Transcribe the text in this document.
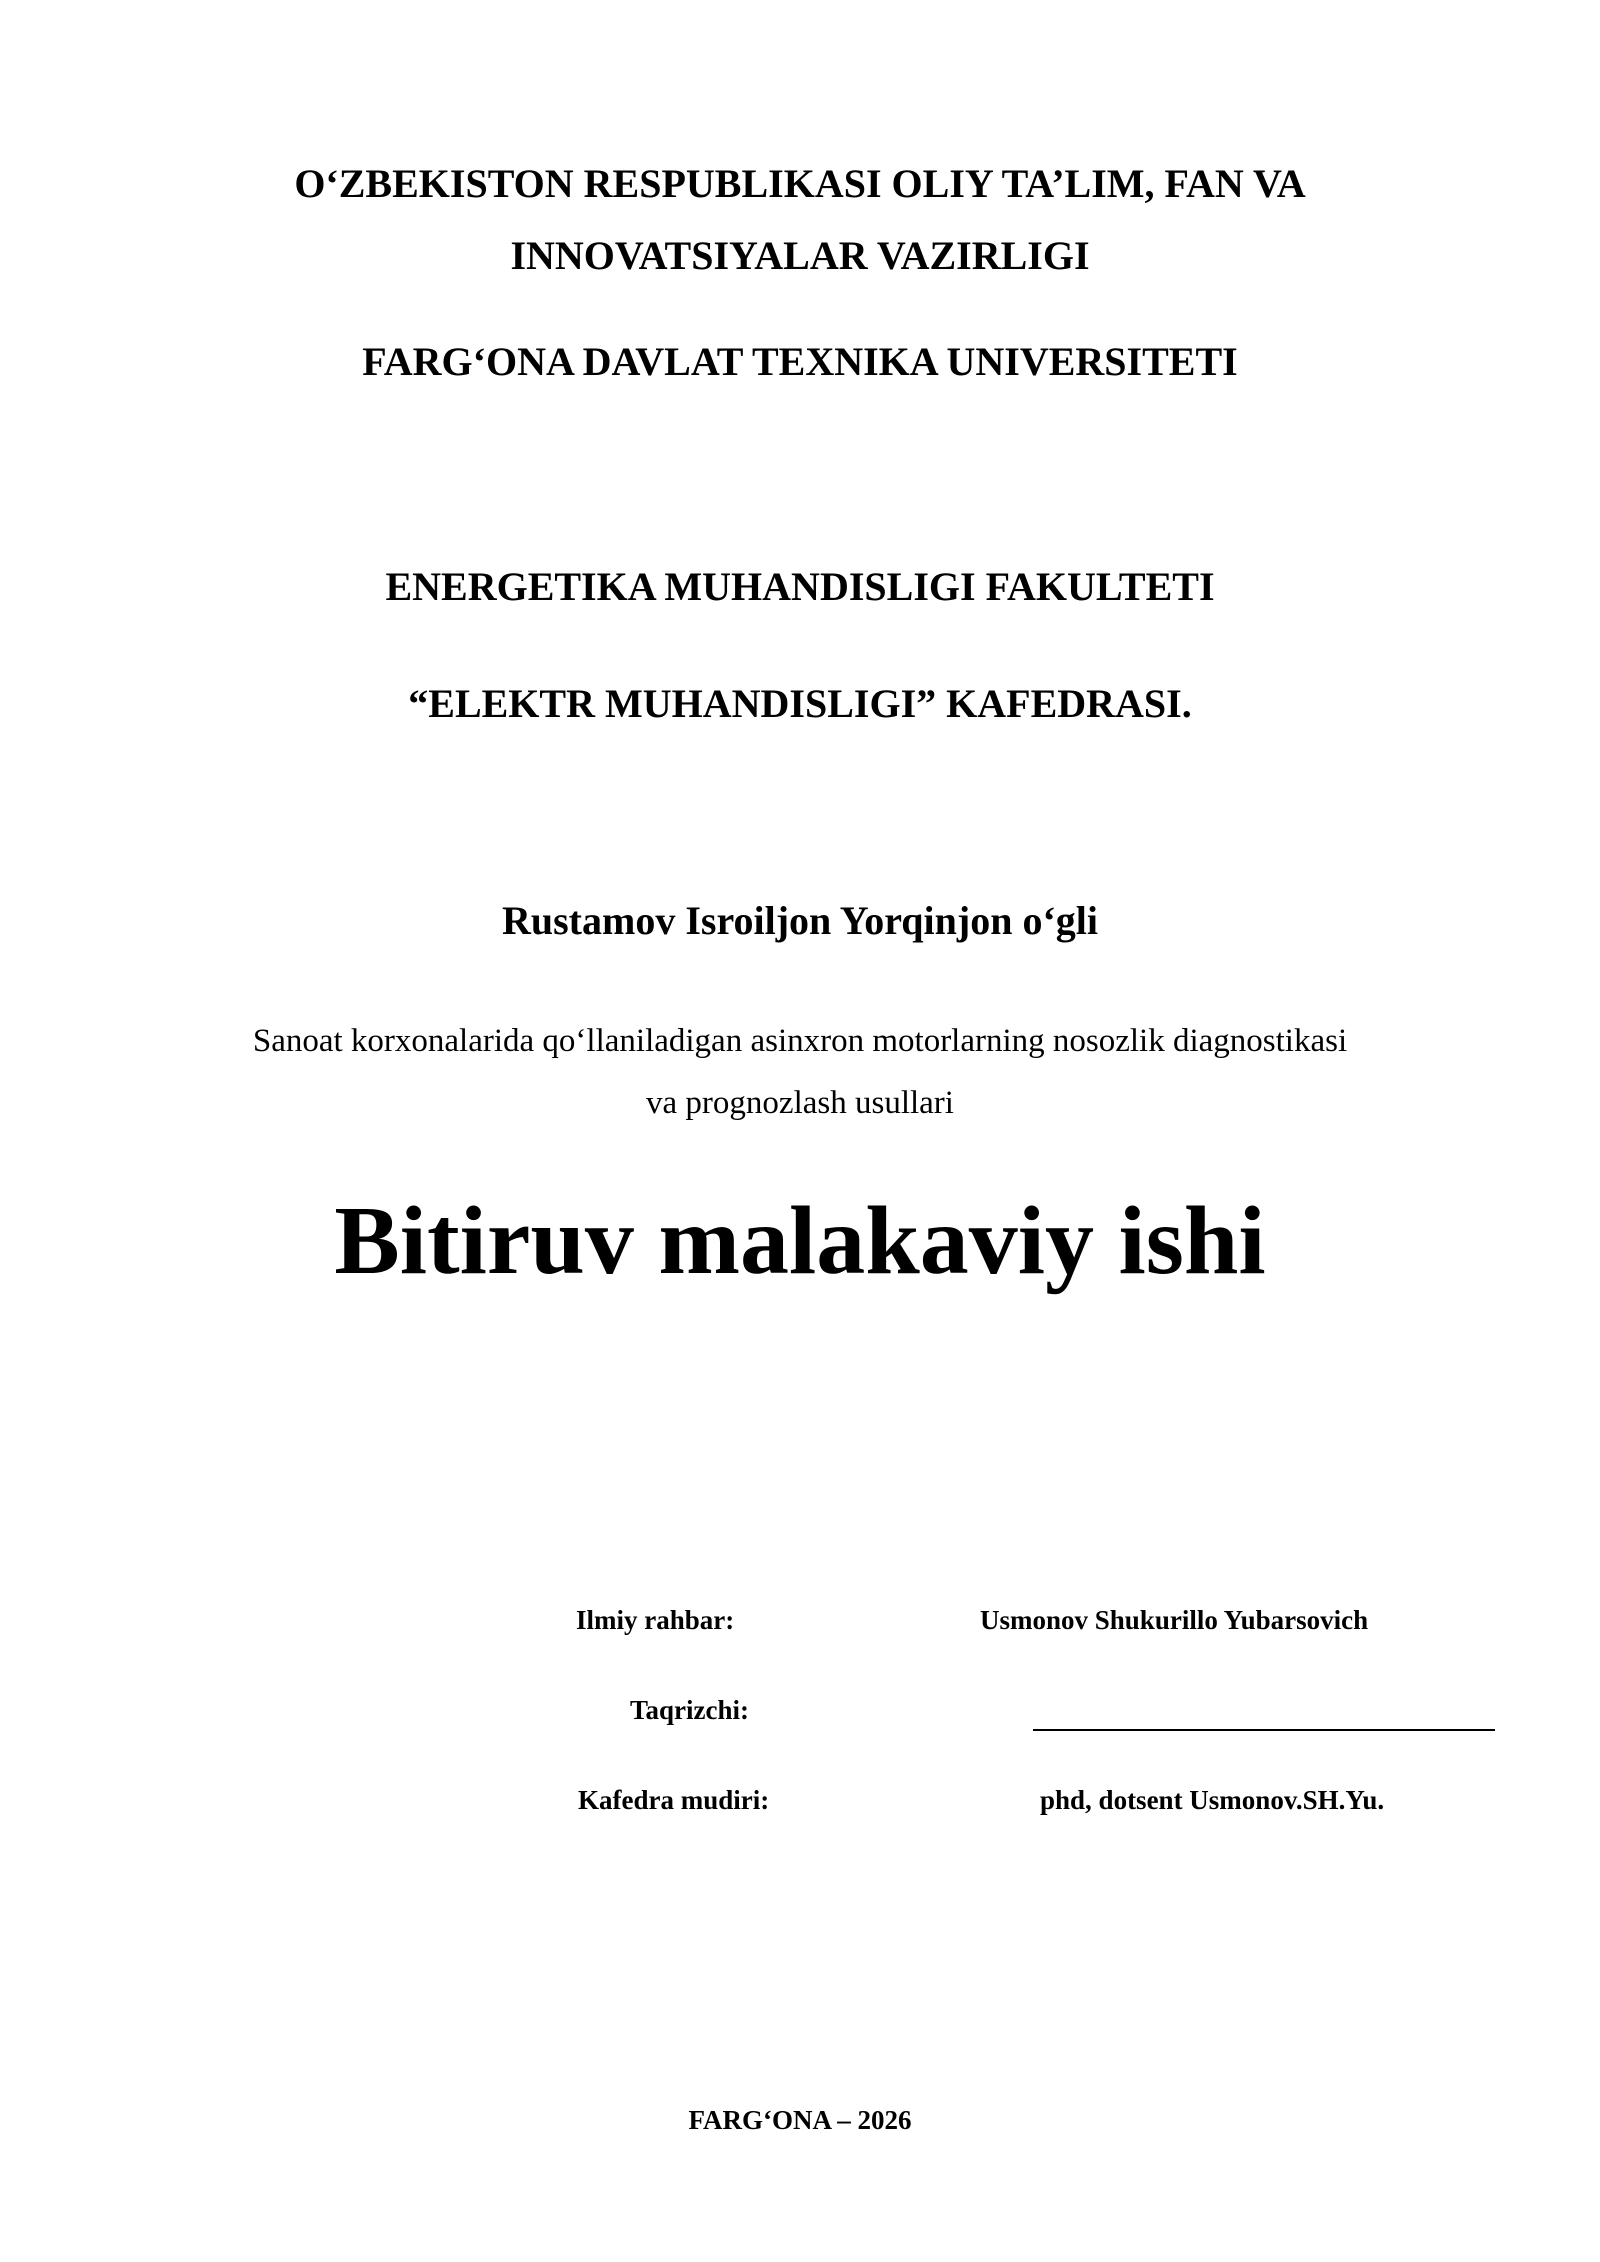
O‘ZBEKISTON RESPUBLIKASI OLIY TA’LIM, FAN VA
INNOVATSIYALAR VAZIRLIGI
FARG‘ONA DAVLAT TEXNIKA UNIVERSITETI
ENERGETIKA MUHANDISLIGI FAKULTETI
“ELEKTR MUHANDISLIGI” KAFEDRASI.
Rustamov Isroiljon Yorqinjon o‘gli
Sanoat korxonalarida qo‘llaniladigan asinxron motorlarning nosozlik diagnostikasi
va prognozlash usullari
Bitiruv malakaviy ishi
Ilmiy rahbar:	Usmonov Shukurillo Yubarsovich
Taqrizchi:
Kafedra mudiri:	phd, dotsent Usmonov.SH.Yu.
FARG‘ONA – 2026
